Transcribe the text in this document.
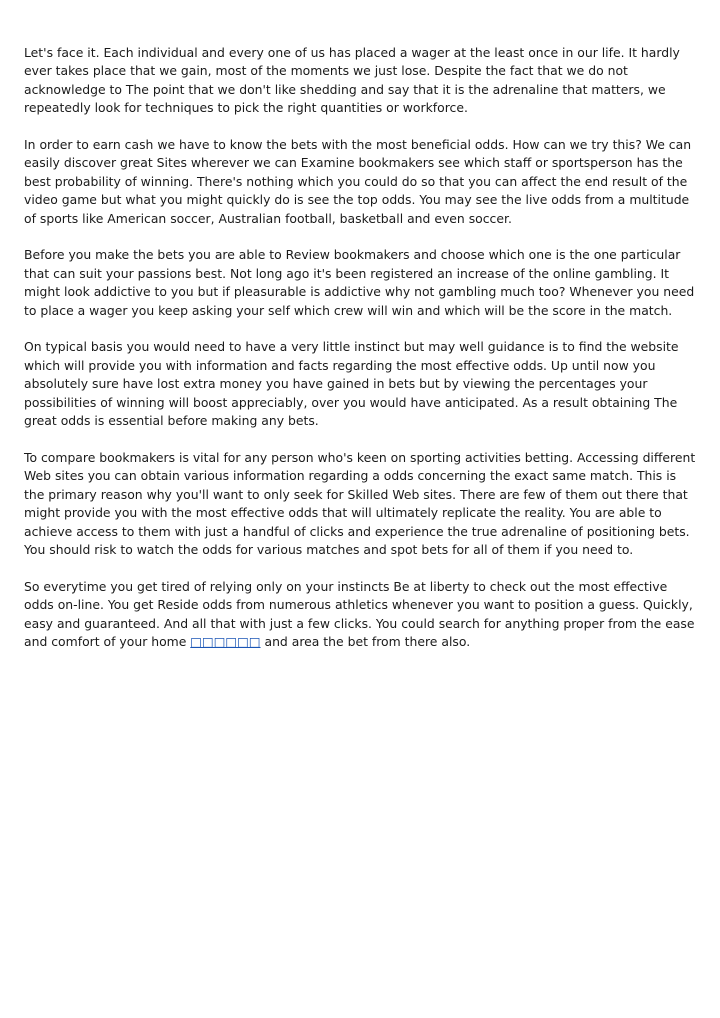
Let's face it. Each individual and every one of us has placed a wager at the least once in our life. It hardly ever takes place that we gain, most of the moments we just lose. Despite the fact that we do not acknowledge to The point that we don't like shedding and say that it is the adrenaline that matters, we repeatedly look for techniques to pick the right quantities or workforce.

In order to earn cash we have to know the bets with the most beneficial odds. How can we try this? We can easily discover great Sites wherever we can Examine bookmakers see which staff or sportsperson has the best probability of winning. There's nothing which you could do so that you can affect the end result of the video game but what you might quickly do is see the top odds. You may see the live odds from a multitude of sports like American soccer, Australian football, basketball and even soccer.

Before you make the bets you are able to Review bookmakers and choose which one is the one particular that can suit your passions best. Not long ago it's been registered an increase of the online gambling. It might look addictive to you but if pleasurable is addictive why not gambling much too? Whenever you need to place a wager you keep asking your self which crew will win and which will be the score in the match.

On typical basis you would need to have a very little instinct but may well guidance is to find the website which will provide you with information and facts regarding the most effective odds. Up until now you absolutely sure have lost extra money you have gained in bets but by viewing the percentages your possibilities of winning will boost appreciably, over you would have anticipated. As a result obtaining The great odds is essential before making any bets.

To compare bookmakers is vital for any person who's keen on sporting activities betting. Accessing different Web sites you can obtain various information regarding a odds concerning the exact same match. This is the primary reason why you'll want to only seek for Skilled Web sites. There are few of them out there that might provide you with the most effective odds that will ultimately replicate the reality. You are able to achieve access to them with just a handful of clicks and experience the true adrenaline of positioning bets. You should risk to watch the odds for various matches and spot bets for all of them if you need to.

So everytime you get tired of relying only on your instincts Be at liberty to check out the most effective odds on-line. You get Reside odds from numerous athletics whenever you want to position a guess. Quickly, easy and guaranteed. And all that with just a few clicks. You could search for anything proper from the ease and comfort of your home □□□□□□ and area the bet from there also.
